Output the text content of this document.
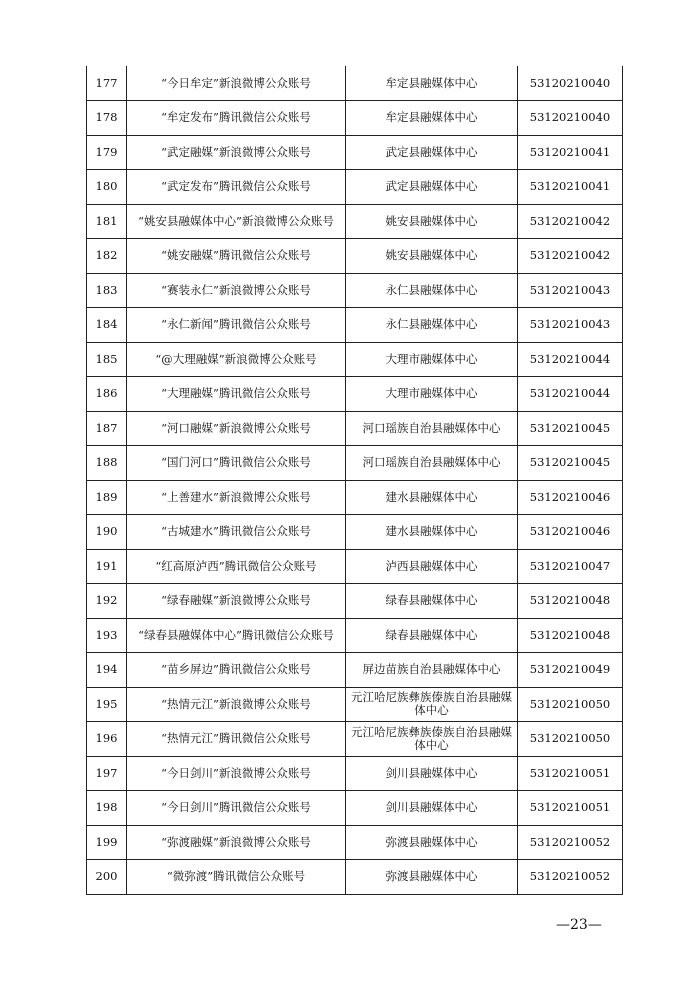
177	“今日牟定”新浪微博公众账号	牟定县融媒体中心	53120210040
178	“牟定发布”腾讯微信公众账号	牟定县融媒体中心	53120210040
179	“武定融媒”新浪微博公众账号	武定县融媒体中心	53120210041
180	“武定发布”腾讯微信公众账号	武定县融媒体中心	53120210041
181	“姚安县融媒体中心”新浪微博公众账号	姚安县融媒体中心	53120210042
182	“姚安融媒”腾讯微信公众账号	姚安县融媒体中心	53120210042
183	“赛装永仁”新浪微博公众账号	永仁县融媒体中心	53120210043
184	“永仁新闻”腾讯微信公众账号	永仁县融媒体中心	53120210043
185	“@大理融媒”新浪微博公众账号	大理市融媒体中心	53120210044
186	“大理融媒”腾讯微信公众账号	大理市融媒体中心	53120210044
187	“河口融媒”新浪微博公众账号	河口瑶族自治县融媒体中心	53120210045
188	“国门河口”腾讯微信公众账号	河口瑶族自治县融媒体中心	53120210045
189	“上善建水”新浪微博公众账号	建水县融媒体中心	53120210046
190	“古城建水”腾讯微信公众账号	建水县融媒体中心	53120210046
191	“红高原泸西”腾讯微信公众账号	泸西县融媒体中心	53120210047
192	“绿春融媒”新浪微博公众账号	绿春县融媒体中心	53120210048
193	“绿春县融媒体中心”腾讯微信公众账号	绿春县融媒体中心	53120210048
194	“苗乡屏边”腾讯微信公众账号	屏边苗族自治县融媒体中心	53120210049
195	“热情元江”新浪微博公众账号	元江哈尼族彝族傣族自治县融媒体中心	53120210050
196	“热情元江”腾讯微信公众账号	元江哈尼族彝族傣族自治县融媒体中心	53120210050
197	“今日剑川”新浪微博公众账号	剑川县融媒体中心	53120210051
198	“今日剑川”腾讯微信公众账号	剑川县融媒体中心	53120210051
199	“弥渡融媒”新浪微博公众账号	弥渡县融媒体中心	53120210052
200	“微弥渡”腾讯微信公众账号	弥渡县融媒体中心	53120210052
—23—
